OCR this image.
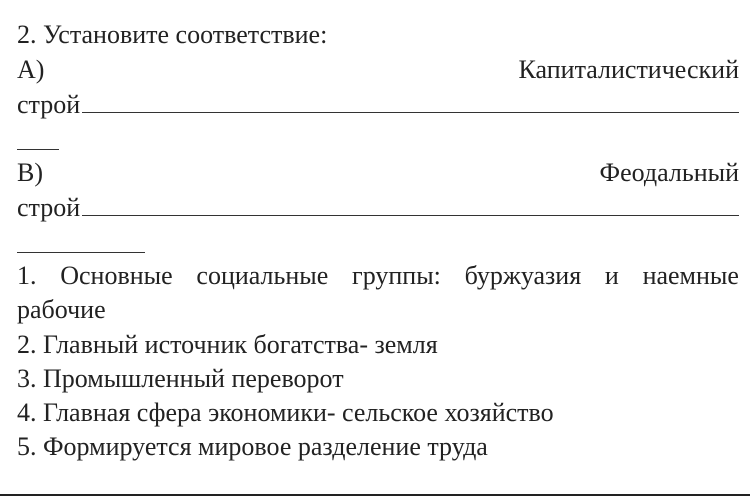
2. Установите соответствие:
А)	Капиталистический
строй
В)	Феодальный
строй
1. Основные социальные группы: буржуазия и наемные
рабочие
2. Главный источник богатства- земля
3. Промышленный переворот
4. Главная сфера экономики- сельское хозяйство
5. Формируется мировое разделение труда
